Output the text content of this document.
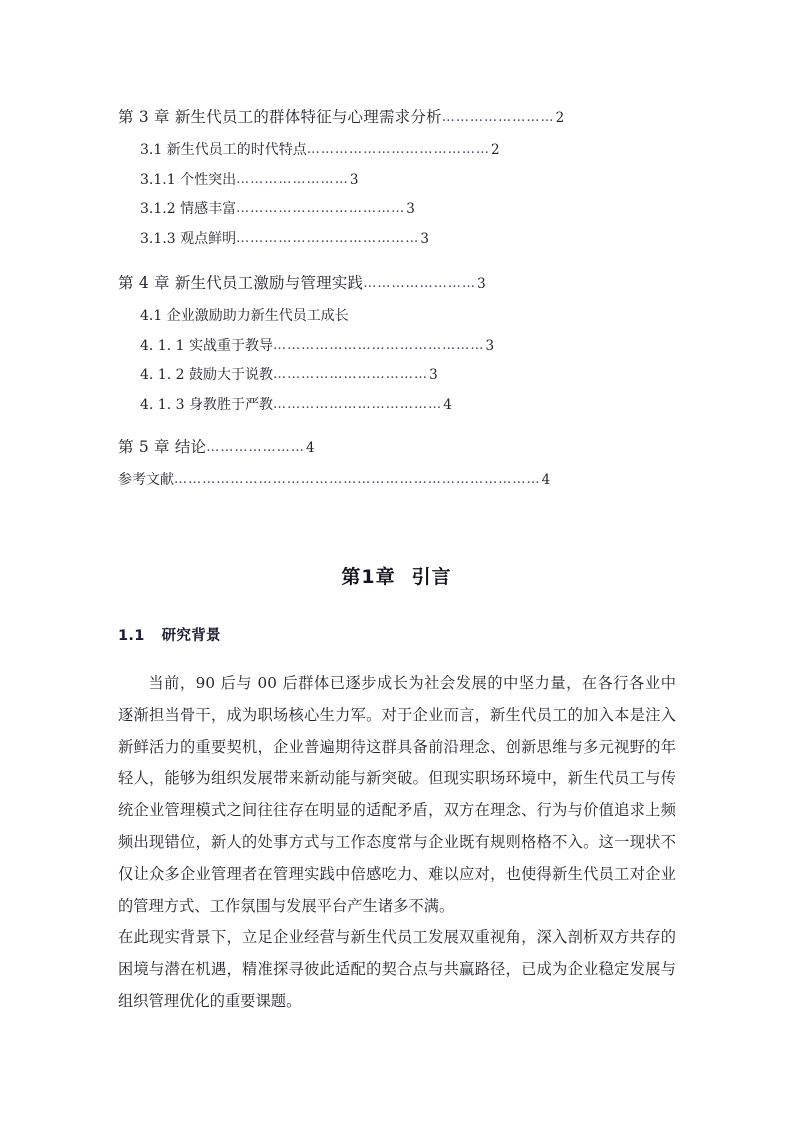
第 3 章 新生代员工的群体特征与心理需求分析 …………………… 2
3.1 新生代员工的时代特点 ………………………………… 2
3.1.1 个性突出 …………………… 3
3.1.2 情感丰富 ……………………………… 3
3.1.3 观点鲜明 ………………………………… 3
第 4 章 新生代员工激励与管理实践 …………………… 3
4.1 企业激励助力新生代员工成长
4. 1. 1 实战重于教导 ……………………………………… 3
4. 1. 2 鼓励大于说教 …………………………… 3
4. 1. 3 身教胜于严教 ……………………………… 4
第 5 章 结论 ………………… 4
参考文献 …………………………………………………………………… 4
第1章 引言
1.1 研究背景

当前，90 后与 00 后群体已逐步成长为社会发展的中坚力量，在各行各业中逐渐担当骨干，成为职场核心生力军。对于企业而言，新生代员工的加入本是注入新鲜活力的重要契机，企业普遍期待这群具备前沿理念、创新思维与多元视野的年轻人，能够为组织发展带来新动能与新突破。但现实职场环境中，新生代员工与传统企业管理模式之间往往存在明显的适配矛盾，双方在理念、行为与价值追求上频频出现错位，新人的处事方式与工作态度常与企业既有规则格格不入。这一现状不仅让众多企业管理者在管理实践中倍感吃力、难以应对，也使得新生代员工对企业的管理方式、工作氛围与发展平台产生诸多不满。

在此现实背景下，立足企业经营与新生代员工发展双重视角，深入剖析双方共存的困境与潜在机遇，精准探寻彼此适配的契合点与共赢路径，已成为企业稳定发展与组织管理优化的重要课题。
